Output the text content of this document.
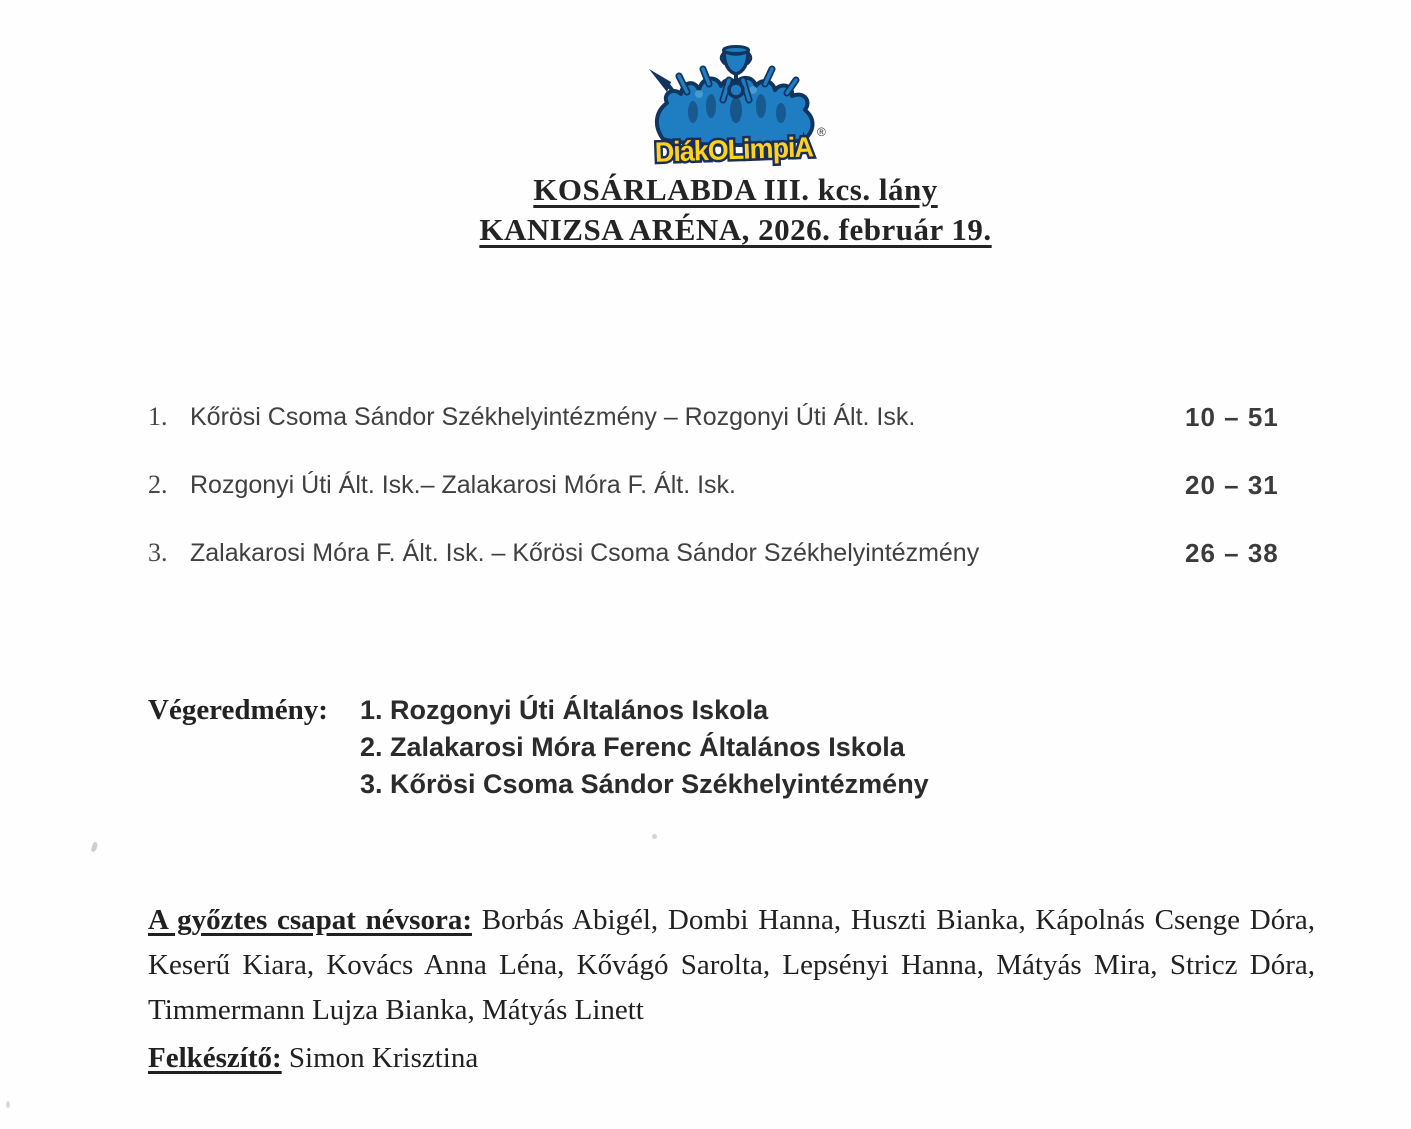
DiákOLimpiA
®
KOSÁRLABDA III. kcs. lány
KANIZSA ARÉNA, 2026. február 19.
1. Kőrösi Csoma Sándor Székhelyintézmény – Rozgonyi Úti Ált. Isk.	10 – 51
2. Rozgonyi Úti Ált. Isk.– Zalakarosi Móra F. Ált. Isk.	20 – 31
3. Zalakarosi Móra F. Ált. Isk. – Kőrösi Csoma Sándor Székhelyintézmény	26 – 38
Végeredmény:	1. Rozgonyi Úti Általános Iskola
2. Zalakarosi Móra Ferenc Általános Iskola
3. Kőrösi Csoma Sándor Székhelyintézmény
A győztes csapat névsora: Borbás Abigél, Dombi Hanna, Huszti Bianka, Kápolnás Csenge Dóra, Keserű Kiara, Kovács Anna Léna, Kővágó Sarolta, Lepsényi Hanna, Mátyás Mira, Stricz Dóra, Timmermann Lujza Bianka, Mátyás Linett
Felkészítő: Simon Krisztina
